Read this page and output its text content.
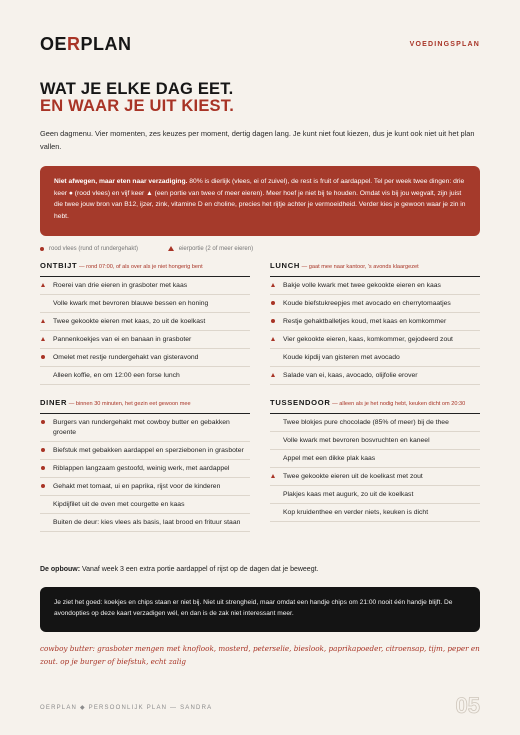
OERPLAN	VOEDINGSPLAN
WAT JE ELKE DAG EET.
EN WAAR JE UIT KIEST.

Geen dagmenu. Vier momenten, zes keuzes per moment, dertig dagen lang. Je kunt niet fout kiezen, dus je kunt ook niet uit het plan vallen.

Niet afwegen, maar eten naar verzadiging. 80% is dierlijk (vlees, ei of zuivel), de rest is fruit of aardappel. Tel per week twee dingen: drie keer ● (rood vlees) en vijf keer ▲ (een portie van twee of meer eieren). Meer hoef je niet bij te houden. Omdat vis bij jou wegvalt, zijn juist die twee jouw bron van B12, ijzer, zink, vitamine D en choline, precies het rijtje achter je vermoeidheid. Verder kies je gewoon waar je zin in hebt.
rood vlees (rund of rundergehakt)	eierportie (2 of meer eieren)
ONTBIJT — rond 07:00, of als over als je niet hongerig bent
Roerei van drie eieren in grasboter met kaas
Volle kwark met bevroren blauwe bessen en honing
Twee gekookte eieren met kaas, zo uit de koelkast
Pannenkoekjes van ei en banaan in grasboter
Omelet met restje rundergehakt van gisteravond
Alleen koffie, en om 12:00 een forse lunch
LUNCH — gaat mee naar kantoor, 's avonds klaargezet
Bakje volle kwark met twee gekookte eieren en kaas
Koude biefstukreepjes met avocado en cherrytomaatjes
Restje gehaktballetjes koud, met kaas en komkommer
Vier gekookte eieren, kaas, komkommer, gejodeerd zout
Koude kipdij van gisteren met avocado
Salade van ei, kaas, avocado, olijfolie erover
DINER — binnen 30 minuten, het gezin eet gewoon mee
Burgers van rundergehakt met cowboy butter en gebakken groente
Biefstuk met gebakken aardappel en sperziebonen in grasboter
Riblappen langzaam gestoofd, weinig werk, met aardappel
Gehakt met tomaat, ui en paprika, rijst voor de kinderen
Kipdijfilet uit de oven met courgette en kaas
Buiten de deur: kies vlees als basis, laat brood en frituur staan
TUSSENDOOR — alleen als je het nodig hebt, keuken dicht om 20:30
Twee blokjes pure chocolade (85% of meer) bij de thee
Volle kwark met bevroren bosvruchten en kaneel
Appel met een dikke plak kaas
Twee gekookte eieren uit de koelkast met zout
Plakjes kaas met augurk, zo uit de koelkast
Kop kruidenthee en verder niets, keuken is dicht
De opbouw: Vanaf week 3 een extra portie aardappel of rijst op de dagen dat je beweegt.
Je ziet het goed: koekjes en chips staan er niet bij. Niet uit strengheid, maar omdat een handje chips om 21:00 nooit één handje blijft. De avondopties op deze kaart verzadigen wél, en dan is de zak niet interessant meer.

cowboy butter: grasboter mengen met knoflook, mosterd, peterselie, bieslook, paprikapoeder, citroensap, tijm, peper en zout. op je burger of biefstuk, echt zalig

OERPLAN ◆ PERSOONLIJK PLAN — SANDRA	05
